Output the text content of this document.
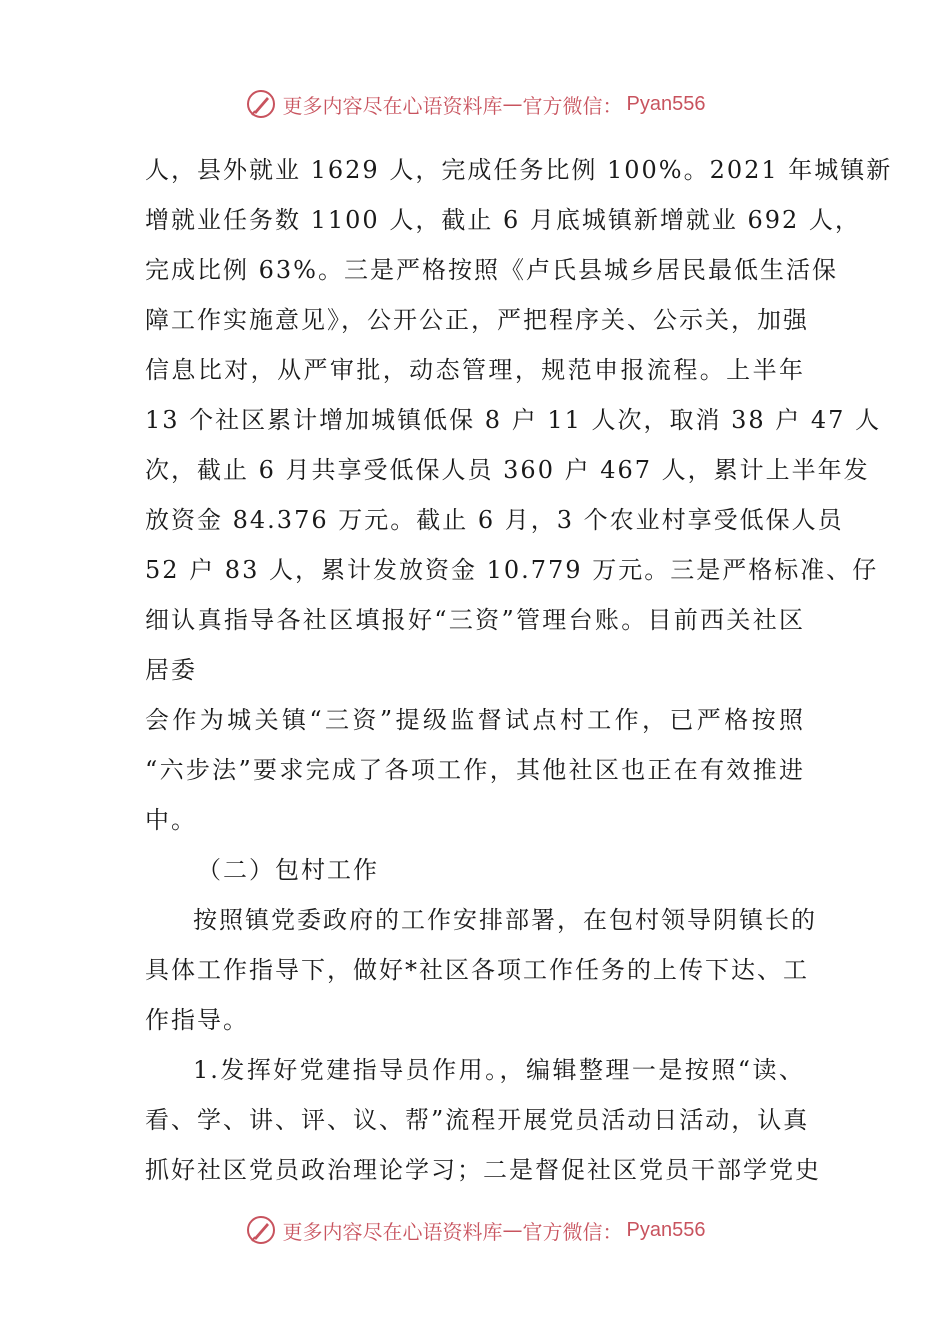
更多内容尽在心语资料库 — 官方微信： Pyan556
人，县外就业 1629 人，完成任务比例 100%。2021 年城镇新
增就业任务数 1100 人，截止 6 月底城镇新增就业 692 人，
完成比例 63%。三是严格按照《卢氏县城乡居民最低生活保
障工作实施意见》，公开公正，严把程序关、公示关，加强
信息比对，从严审批，动态管理，规范申报流程。上半年
13 个社区累计增加城镇低保 8 户 11 人次，取消 38 户 47 人
次，截止 6 月共享受低保人员 360 户 467 人，累计上半年发
放资金 84.376 万元。截止 6 月，3 个农业村享受低保人员
52 户 83 人，累计发放资金 10.779 万元。三是严格标准、仔
细认真指导各社区填报好“三资”管理台账。目前西关社区
居委
会作为城关镇“三资”提级监督试点村工作，已严格按照
“六步法”要求完成了各项工作，其他社区也正在有效推进
中。
（二）包村工作
按照镇党委政府的工作安排部署，在包村领导阴镇长的
具体工作指导下，做好*社区各项工作任务的上传下达、工
作指导。
1.发挥好党建指导员作用。，编辑整理一是按照“读、
看、学、讲、评、议、帮”流程开展党员活动日活动，认真
抓好社区党员政治理论学习；二是督促社区党员干部学党史
更多内容尽在心语资料库 — 官方微信： Pyan556
